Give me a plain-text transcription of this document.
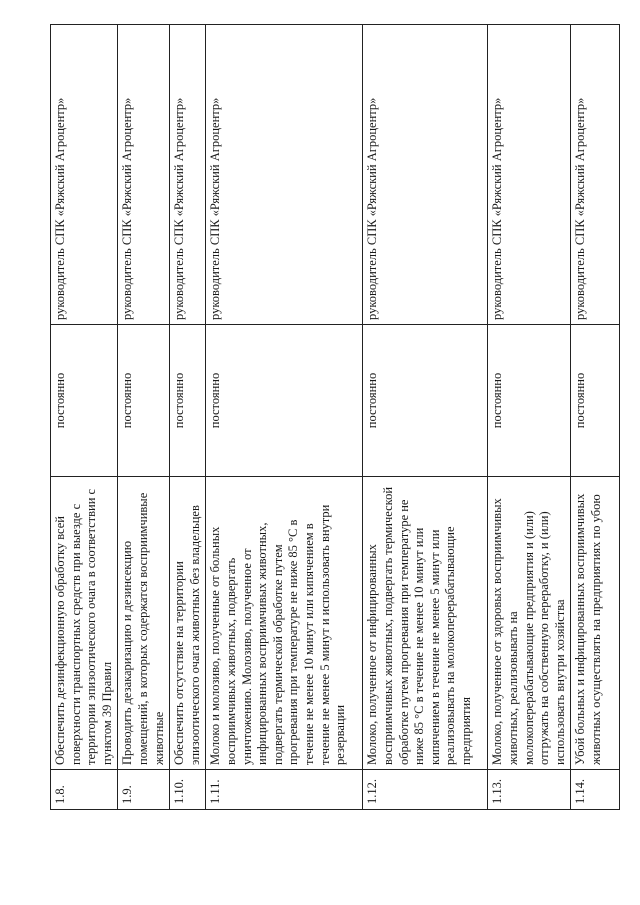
1.8.	Обеспечить дезинфекционную обработку всей поверхности транспортных средств при выезде с территории эпизоотического очага в соответствии с пунктом 39 Правил	постоянно	руководитель СПК «Ряжский Агроцентр»
1.9.	Проводить дезакаризацию и дезинсекцию помещений, в которых содержатся восприимчивые животные	постоянно	руководитель СПК «Ряжский Агроцентр»
1.10.	Обеспечить отсутствие на территории эпизоотического очага животных без владельцев	постоянно	руководитель СПК «Ряжский Агроцентр»
1.11.	Молоко и молозиво, полученные от больных восприимчивых животных, подвергать уничтожению. Молозиво, полученное от инфицированных восприимчивых животных, подвергать термической обработке путем прогревания при температуре не ниже 85 °С в течение не менее 10 минут или кипячением в течение не менее 5 минут и использовать внутри резервации	постоянно	руководитель СПК «Ряжский Агроцентр»
1.12.	Молоко, полученное от инфицированных восприимчивых животных, подвергать термической обработке путем прогревания при температуре не ниже 85 °С в течение не менее 10 минут или кипячением в течение не менее 5 минут или реализовывать на молокоперерабатывающие предприятия	постоянно	руководитель СПК «Ряжский Агроцентр»
1.13.	Молоко, полученное от здоровых восприимчивых животных, реализовывать на молокоперерабатывающие предприятия и (или) отгружать на собственную переработку, и (или) использовать внутри хозяйства	постоянно	руководитель СПК «Ряжский Агроцентр»
1.14.	Убой больных и инфицированных восприимчивых животных осуществлять на предприятиях по убою	постоянно	руководитель СПК «Ряжский Агроцентр»
